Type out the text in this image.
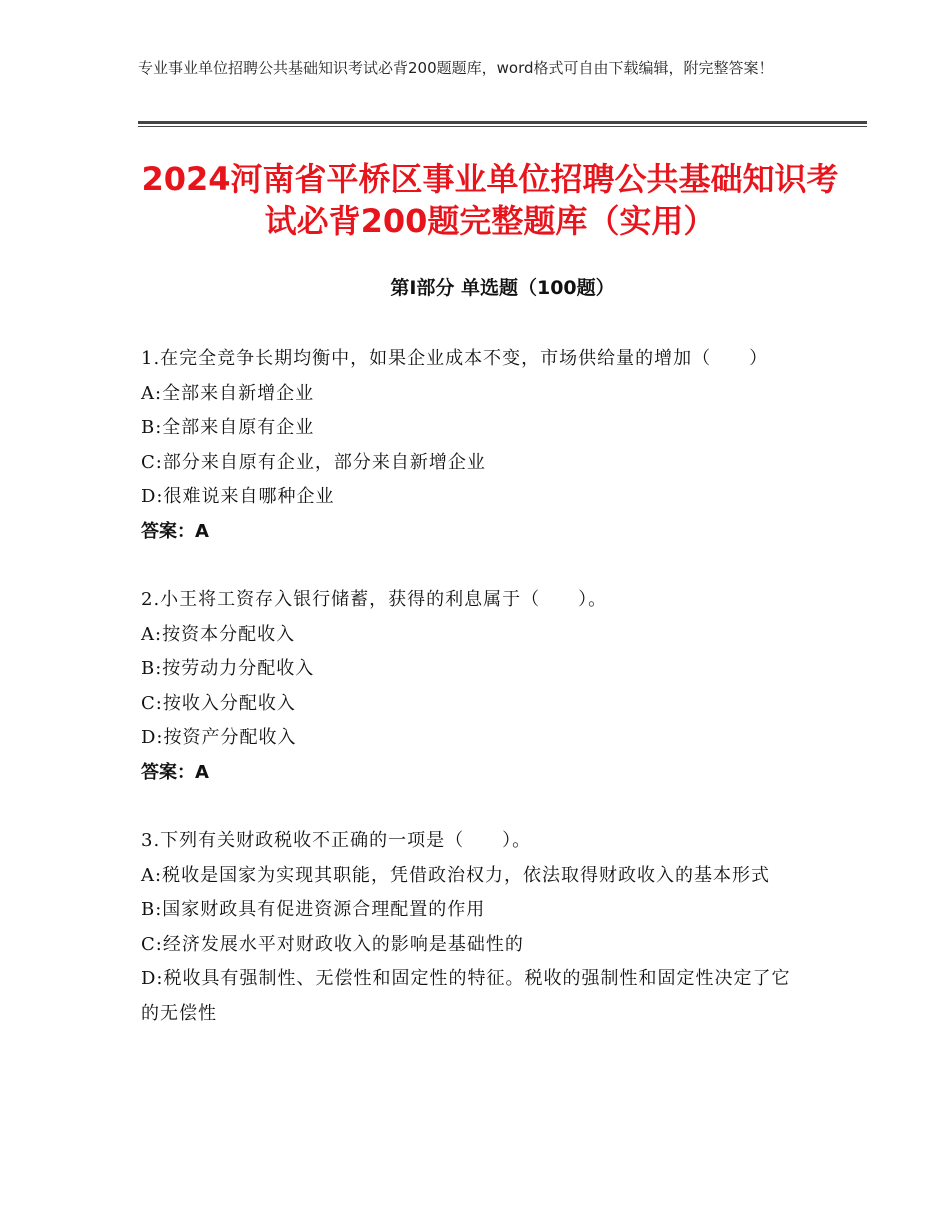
专业事业单位招聘公共基础知识考试必背200题题库，word格式可自由下载编辑，附完整答案！
2024河南省平桥区事业单位招聘公共基础知识考试必背200题完整题库（实用）
第Ⅰ部分 单选题（100题）
1.在完全竞争长期均衡中，如果企业成本不变，市场供给量的增加（　　）
A:全部来自新增企业
B:全部来自原有企业
C:部分来自原有企业，部分来自新增企业
D:很难说来自哪种企业
答案：A
2.小王将工资存入银行储蓄，获得的利息属于（　　）。
A:按资本分配收入
B:按劳动力分配收入
C:按收入分配收入
D:按资产分配收入
答案：A
3.下列有关财政税收不正确的一项是（　　）。
A:税收是国家为实现其职能，凭借政治权力，依法取得财政收入的基本形式
B:国家财政具有促进资源合理配置的作用
C:经济发展水平对财政收入的影响是基础性的
D:税收具有强制性、无偿性和固定性的特征。税收的强制性和固定性决定了它的无偿性
